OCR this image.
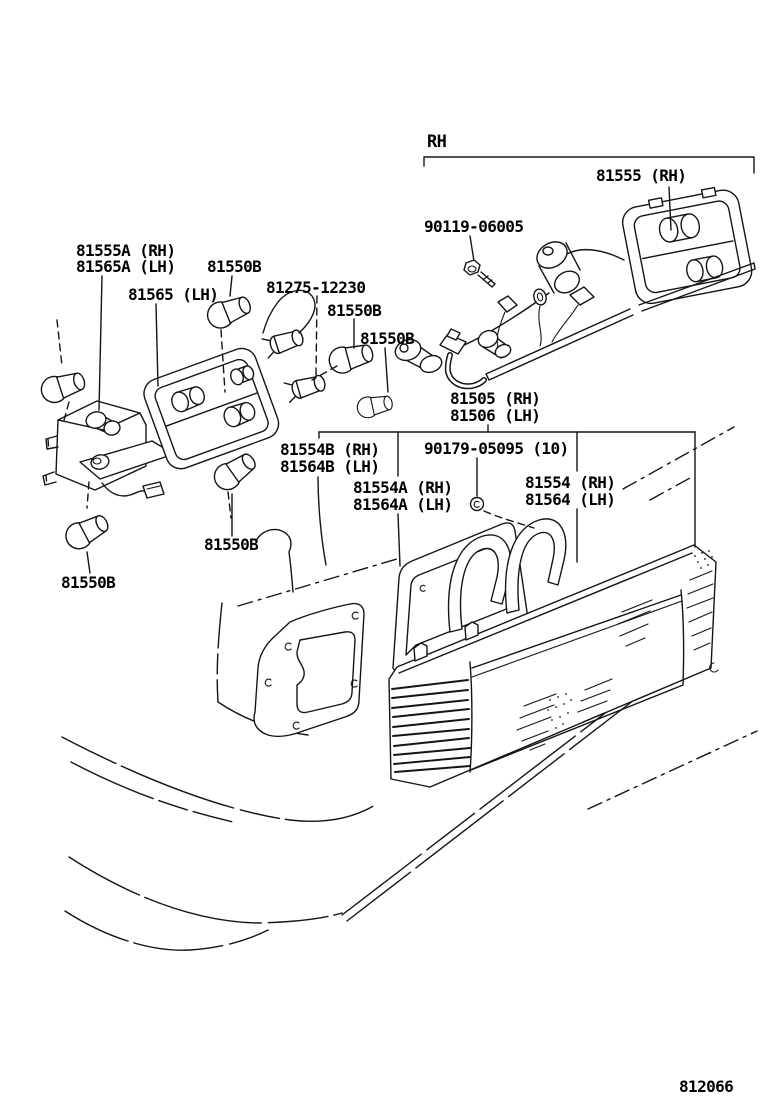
RH
81555 (RH)
90119-06005
81555A (RH)
81565A (LH) 81550B
81565 (LH)	81275-12230
81550B
81550B
81505 (RH)
81506 (LH)
81554B (RH)
81564B (LH)
90179-05095 (10)
81554A (RH)
81564A (LH)
81554 (RH)
81564 (LH)
81550B
81550B
812066
